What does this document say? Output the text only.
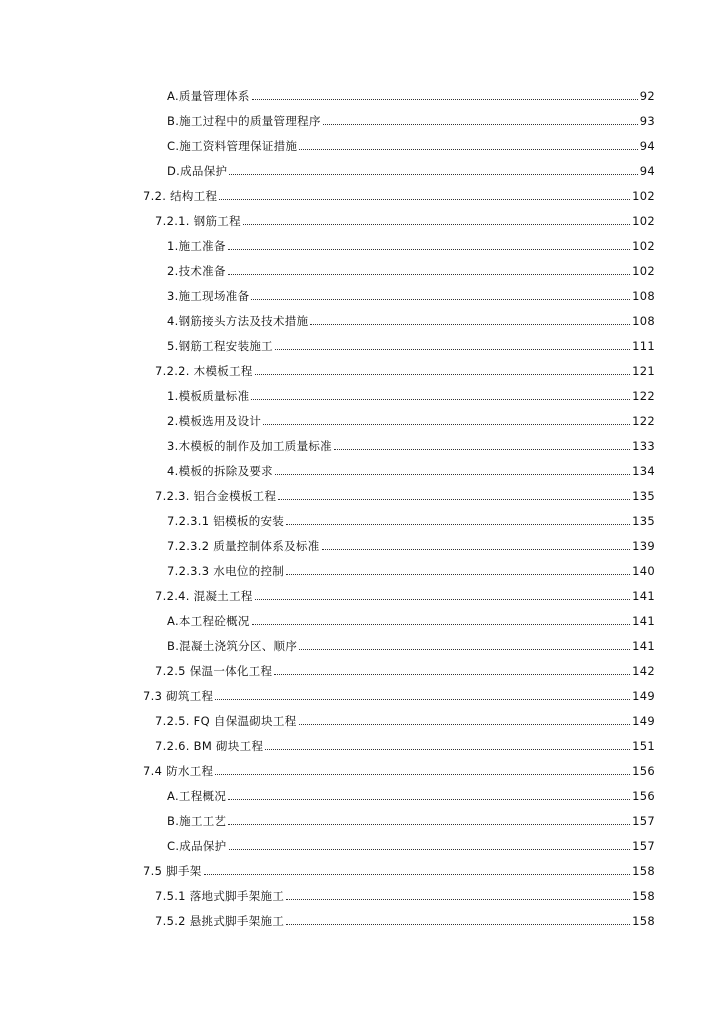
A.质量管理体系	92
B.施工过程中的质量管理程序	93
C.施工资料管理保证措施	94
D.成品保护	94
7.2. 结构工程	102
7.2.1. 钢筋工程	102
1.施工准备	102
2.技术准备	102
3.施工现场准备	108
4.钢筋接头方法及技术措施	108
5.钢筋工程安装施工	111
7.2.2. 木模板工程	121
1.模板质量标准	122
2.模板选用及设计	122
3.木模板的制作及加工质量标准	133
4.模板的拆除及要求	134
7.2.3. 铝合金模板工程	135
7.2.3.1 铝模板的安装	135
7.2.3.2 质量控制体系及标准	139
7.2.3.3 水电位的控制	140
7.2.4. 混凝土工程	141
A.本工程砼概况	141
B.混凝土浇筑分区、顺序	141
7.2.5 保温一体化工程	142
7.3 砌筑工程	149
7.2.5. FQ 自保温砌块工程	149
7.2.6. BM 砌块工程	151
7.4 防水工程	156
A.工程概况	156
B.施工工艺	157
C.成品保护	157
7.5 脚手架	158
7.5.1 落地式脚手架施工	158
7.5.2 悬挑式脚手架施工	158
